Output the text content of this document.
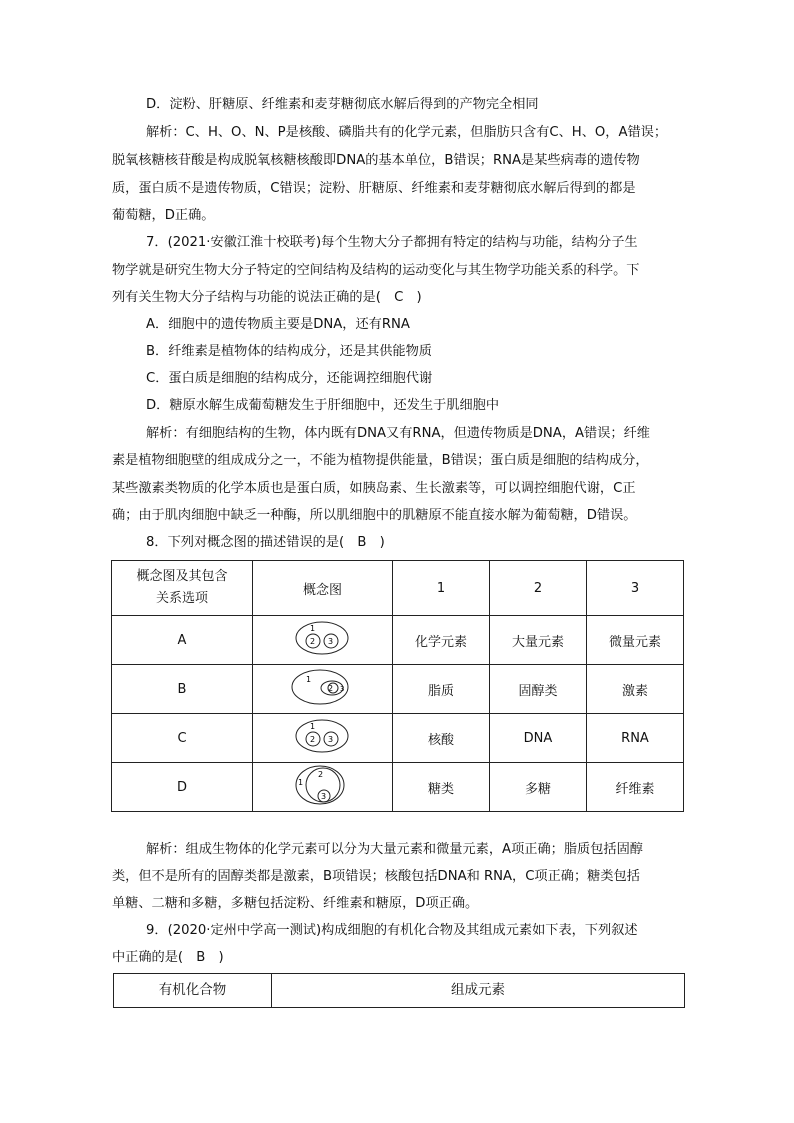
D．淀粉、肝糖原、纤维素和麦芽糖彻底水解后得到的产物完全相同
解析：C、H、O、N、P是核酸、磷脂共有的化学元素，但脂肪只含有C、H、O，A错误；
脱氧核糖核苷酸是构成脱氧核糖核酸即DNA的基本单位，B错误；RNA是某些病毒的遗传物
质，蛋白质不是遗传物质，C错误；淀粉、肝糖原、纤维素和麦芽糖彻底水解后得到的都是
葡萄糖，D正确。
7．(2021·安徽江淮十校联考)每个生物大分子都拥有特定的结构与功能，结构分子生
物学就是研究生物大分子特定的空间结构及结构的运动变化与其生物学功能关系的科学。下
列有关生物大分子结构与功能的说法正确的是(　C　)
A．细胞中的遗传物质主要是DNA，还有RNA
B．纤维素是植物体的结构成分，还是其供能物质
C．蛋白质是细胞的结构成分，还能调控细胞代谢
D．糖原水解生成葡萄糖发生于肝细胞中，还发生于肌细胞中
解析：有细胞结构的生物，体内既有DNA又有RNA，但遗传物质是DNA，A错误；纤维
素是植物细胞壁的组成成分之一，不能为植物提供能量，B错误；蛋白质是细胞的结构成分，
某些激素类物质的化学本质也是蛋白质，如胰岛素、生长激素等，可以调控细胞代谢，C正
确；由于肌肉细胞中缺乏一种酶，所以肌细胞中的肌糖原不能直接水解为葡萄糖，D错误。
8．下列对概念图的描述错误的是(　B　)
概念图及其包含
关系选项	概念图	1	2	3
A	1
2 3	化学元素	大量元素	微量元素
B	1
2 3	脂质	固醇类	激素
C	1
2 3	核酸	DNA	RNA
D	1
2
3	糖类	多糖	纤维素
解析：组成生物体的化学元素可以分为大量元素和微量元素，A项正确；脂质包括固醇
类，但不是所有的固醇类都是激素，B项错误；核酸包括DNA和 RNA，C项正确；糖类包括
单糖、二糖和多糖，多糖包括淀粉、纤维素和糖原，D项正确。
9．(2020·定州中学高一测试)构成细胞的有机化合物及其组成元素如下表，下列叙述
中正确的是(　B　)
有机化合物	组成元素
